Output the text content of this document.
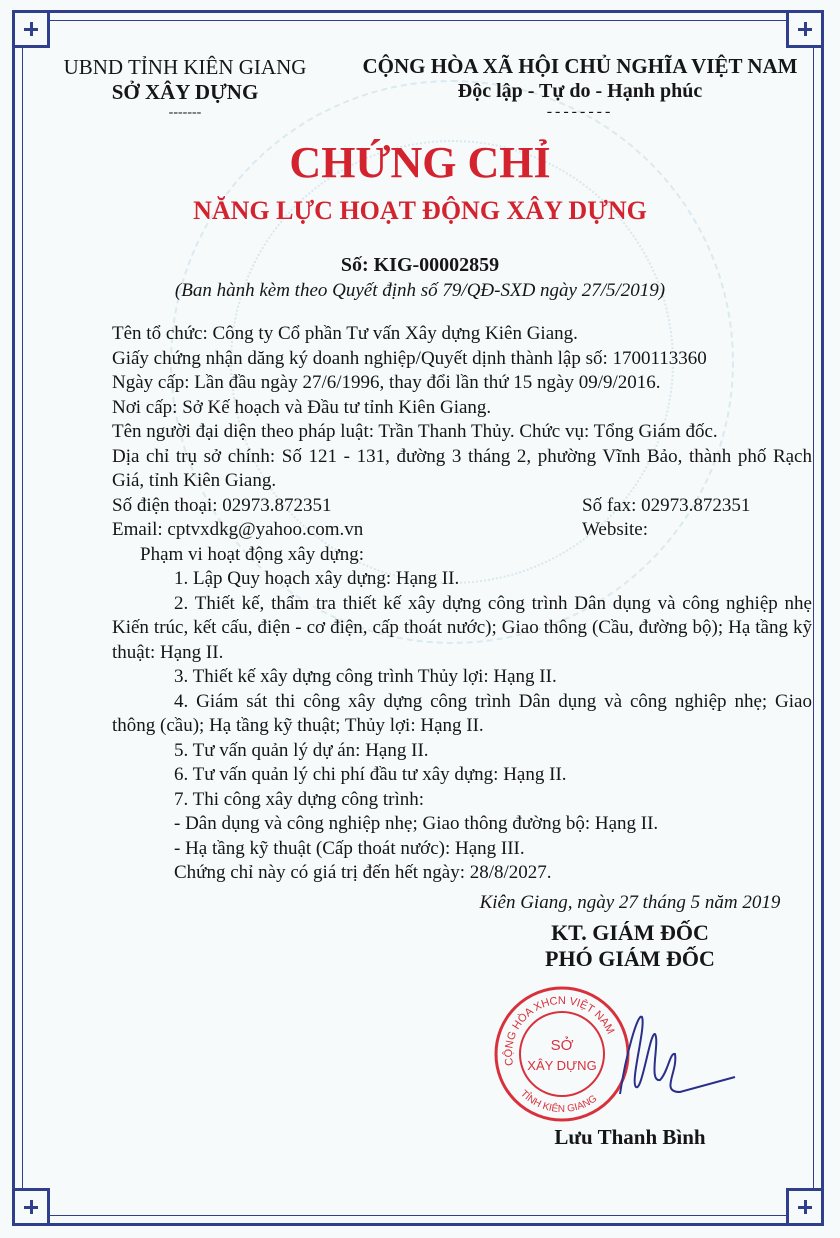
UBND TỈNH KIÊN GIANG
SỞ XÂY DỰNG
-------
CỘNG HÒA XÃ HỘI CHỦ NGHĨA VIỆT NAM
Độc lập - Tự do - Hạnh phúc
--------
CHỨNG CHỈ
NĂNG LỰC HOẠT ĐỘNG XÂY DỰNG
Số: KIG-00002859
(Ban hành kèm theo Quyết định số 79/QĐ-SXD ngày 27/5/2019)
Tên tổ chức: Công ty Cổ phần Tư vấn Xây dựng Kiên Giang.
Giấy chứng nhận dăng ký doanh nghiệp/Quyết dịnh thành lập số: 1700113360
Ngày cấp: Lần đầu ngày 27/6/1996, thay đổi lần thứ 15 ngày 09/9/2016.
Nơi cấp: Sở Kế hoạch và Đầu tư tỉnh Kiên Giang.
Tên người đại diện theo pháp luật: Trần Thanh Thủy. Chức vụ: Tổng Giám đốc.
Dịa chỉ trụ sở chính: Số 121 - 131, đường 3 tháng 2, phường Vĩnh Bảo, thành phố Rạch Giá, tỉnh Kiên Giang.
Số điện thoại: 02973.872351	Số fax: 02973.872351
Email: cptvxdkg@yahoo.com.vn	Website:
Phạm vi hoạt động xây dựng:
1. Lập Quy hoạch xây dựng: Hạng II.
2. Thiết kế, thẩm tra thiết kế xây dựng công trình Dân dụng và công nghiệp nhẹ Kiến trúc, kết cấu, điện - cơ điện, cấp thoát nước); Giao thông (Cầu, đường bộ); Hạ tầng kỹ thuật: Hạng II.
3. Thiết kế xây dựng công trình Thủy lợi: Hạng II.
4. Giám sát thi công xây dựng công trình Dân dụng và công nghiệp nhẹ; Giao thông (cầu); Hạ tầng kỹ thuật; Thủy lợi: Hạng II.
5. Tư vấn quản lý dự án: Hạng II.
6. Tư vấn quản lý chi phí đầu tư xây dựng: Hạng II.
7. Thi công xây dựng công trình:
- Dân dụng và công nghiệp nhẹ; Giao thông đường bộ: Hạng II.
- Hạ tầng kỹ thuật (Cấp thoát nước): Hạng III.
Chứng chỉ này có giá trị đến hết ngày: 28/8/2027.
Kiên Giang, ngày 27 tháng 5 năm 2019
KT. GIÁM ĐỐC
PHÓ GIÁM ĐỐC
CỘNG HÒA XHCN VIỆT NAM
TỈNH KIÊN GIANG
SỞ
XÂY DỰNG
Lưu Thanh Bình
